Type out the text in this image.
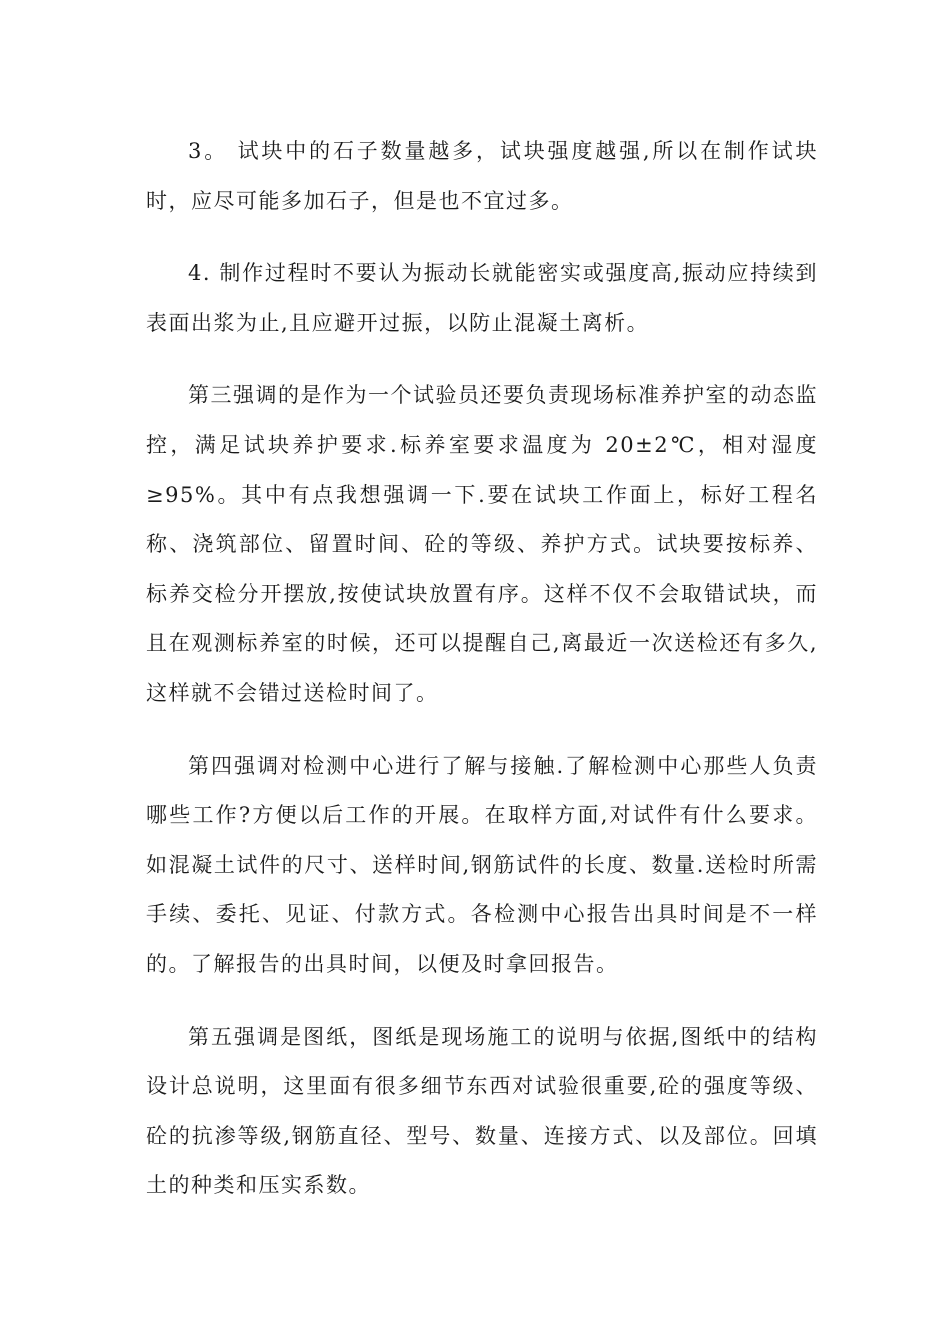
3。 试块中的石子数量越多，试块强度越强,所以在制作试块时，应尽可能多加石子，但是也不宜过多。

4. 制作过程时不要认为振动长就能密实或强度高,振动应持续到表面出浆为止,且应避开过振，以防止混凝土离析。

第三强调的是作为一个试验员还要负责现场标准养护室的动态监控，满足试块养护要求.标养室要求温度为 20±2℃，相对湿度≥95%。其中有点我想强调一下.要在试块工作面上，标好工程名称、浇筑部位、留置时间、砼的等级、养护方式。试块要按标养、标养交检分开摆放,按使试块放置有序。这样不仅不会取错试块，而且在观测标养室的时候，还可以提醒自己,离最近一次送检还有多久,这样就不会错过送检时间了。

第四强调对检测中心进行了解与接触.了解检测中心那些人负责哪些工作?方便以后工作的开展。在取样方面,对试件有什么要求。如混凝土试件的尺寸、送样时间,钢筋试件的长度、数量.送检时所需手续、委托、见证、付款方式。各检测中心报告出具时间是不一样的。了解报告的出具时间，以便及时拿回报告。

第五强调是图纸，图纸是现场施工的说明与依据,图纸中的结构设计总说明，这里面有很多细节东西对试验很重要,砼的强度等级、砼的抗渗等级,钢筋直径、型号、数量、连接方式、以及部位。回填土的种类和压实系数。
